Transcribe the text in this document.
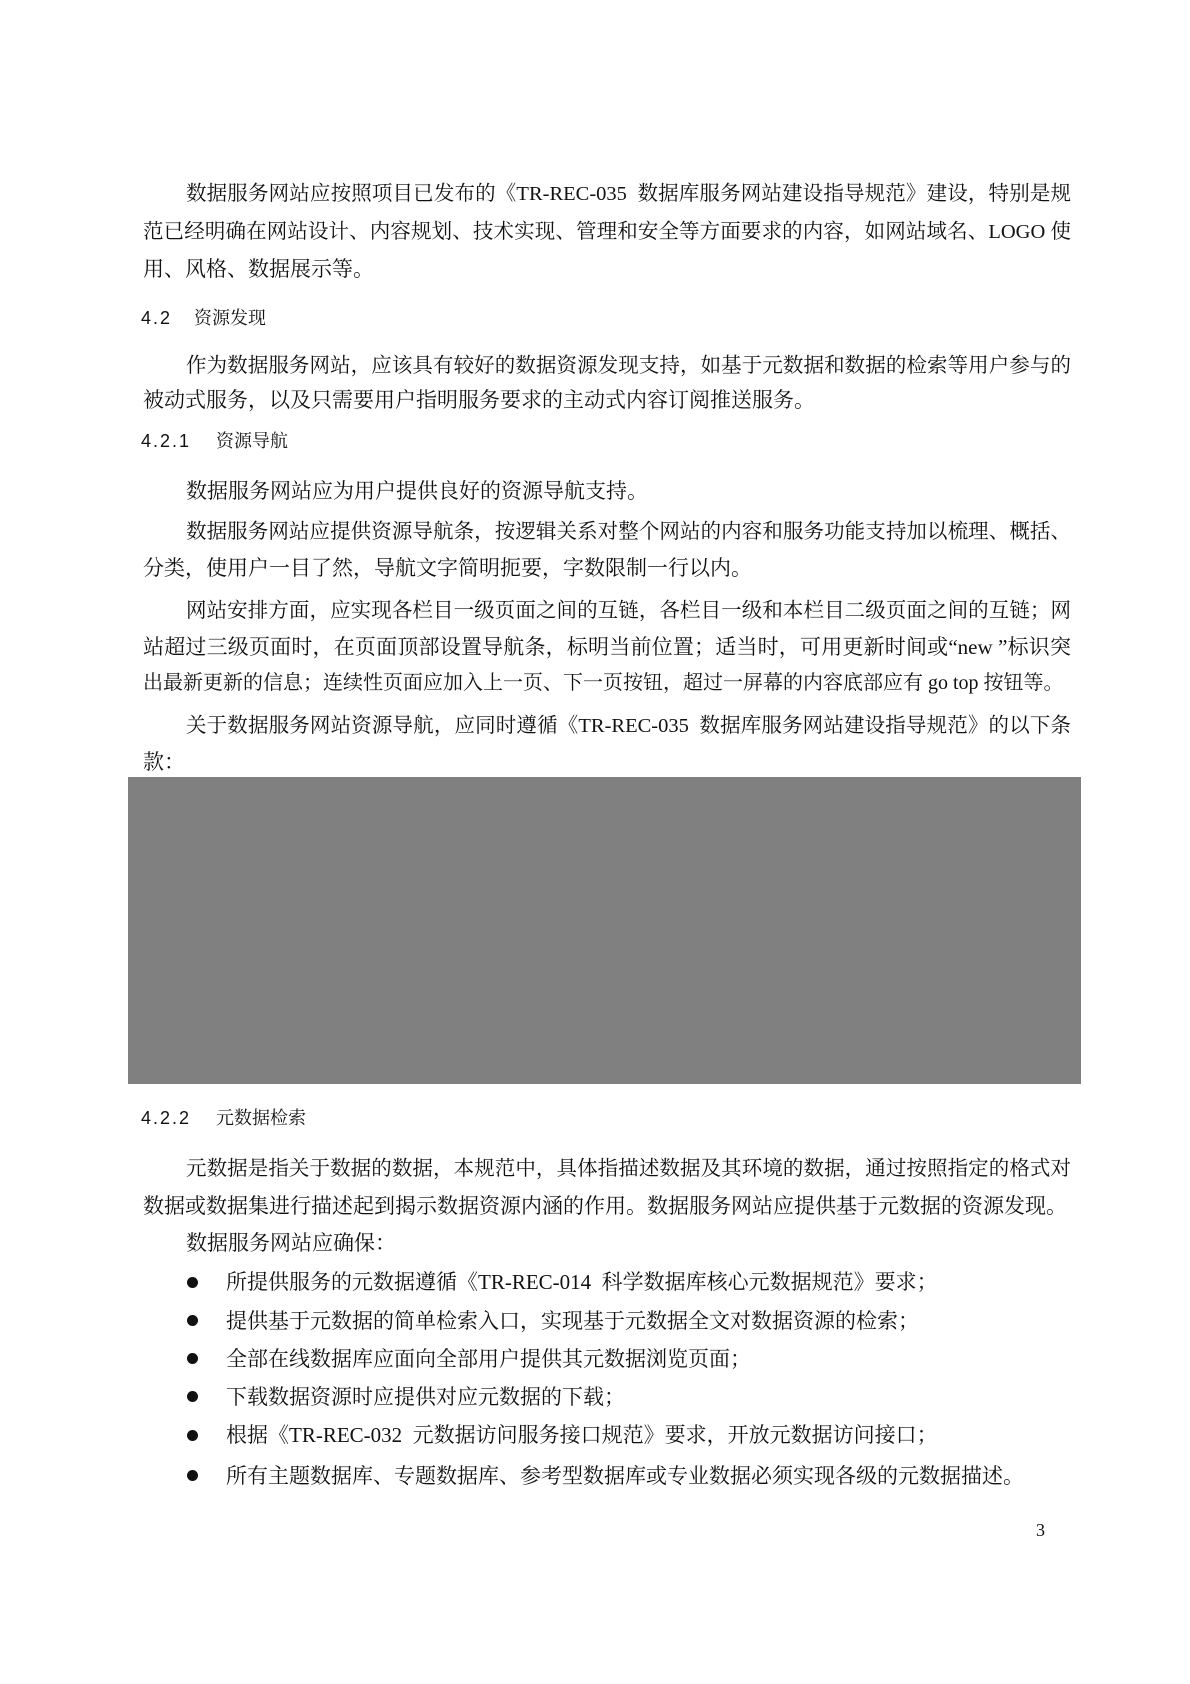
数据服务网站应按照项目已发布的《TR-REC-035  数据库服务网站建设指导规范》建设，特别是规
范已经明确在网站设计、内容规划、技术实现、管理和安全等方面要求的内容，如网站域名、LOGO 使
用、风格、数据展示等。
4.2 资源发现
作为数据服务网站，应该具有较好的数据资源发现支持，如基于元数据和数据的检索等用户参与的
被动式服务，以及只需要用户指明服务要求的主动式内容订阅推送服务。
4.2.1 资源导航
数据服务网站应为用户提供良好的资源导航支持。
数据服务网站应提供资源导航条，按逻辑关系对整个网站的内容和服务功能支持加以梳理、概括、
分类，使用户一目了然，导航文字简明扼要，字数限制一行以内。
网站安排方面，应实现各栏目一级页面之间的互链，各栏目一级和本栏目二级页面之间的互链；网
站超过三级页面时，在页面顶部设置导航条，标明当前位置；适当时，可用更新时间或“new ”标识突
出最新更新的信息；连续性页面应加入上一页、下一页按钮，超过一屏幕的内容底部应有 go top 按钮等。
关于数据服务网站资源导航，应同时遵循《TR-REC-035  数据库服务网站建设指导规范》的以下条
款：
4.2.2 元数据检索
元数据是指关于数据的数据，本规范中，具体指描述数据及其环境的数据，通过按照指定的格式对
数据或数据集进行描述起到揭示数据资源内涵的作用。数据服务网站应提供基于元数据的资源发现。
数据服务网站应确保：
所提供服务的元数据遵循《TR-REC-014  科学数据库核心元数据规范》要求；
提供基于元数据的简单检索入口，实现基于元数据全文对数据资源的检索；
全部在线数据库应面向全部用户提供其元数据浏览页面；
下载数据资源时应提供对应元数据的下载；
根据《TR-REC-032  元数据访问服务接口规范》要求，开放元数据访问接口；
所有主题数据库、专题数据库、参考型数据库或专业数据必须实现各级的元数据描述。
3
